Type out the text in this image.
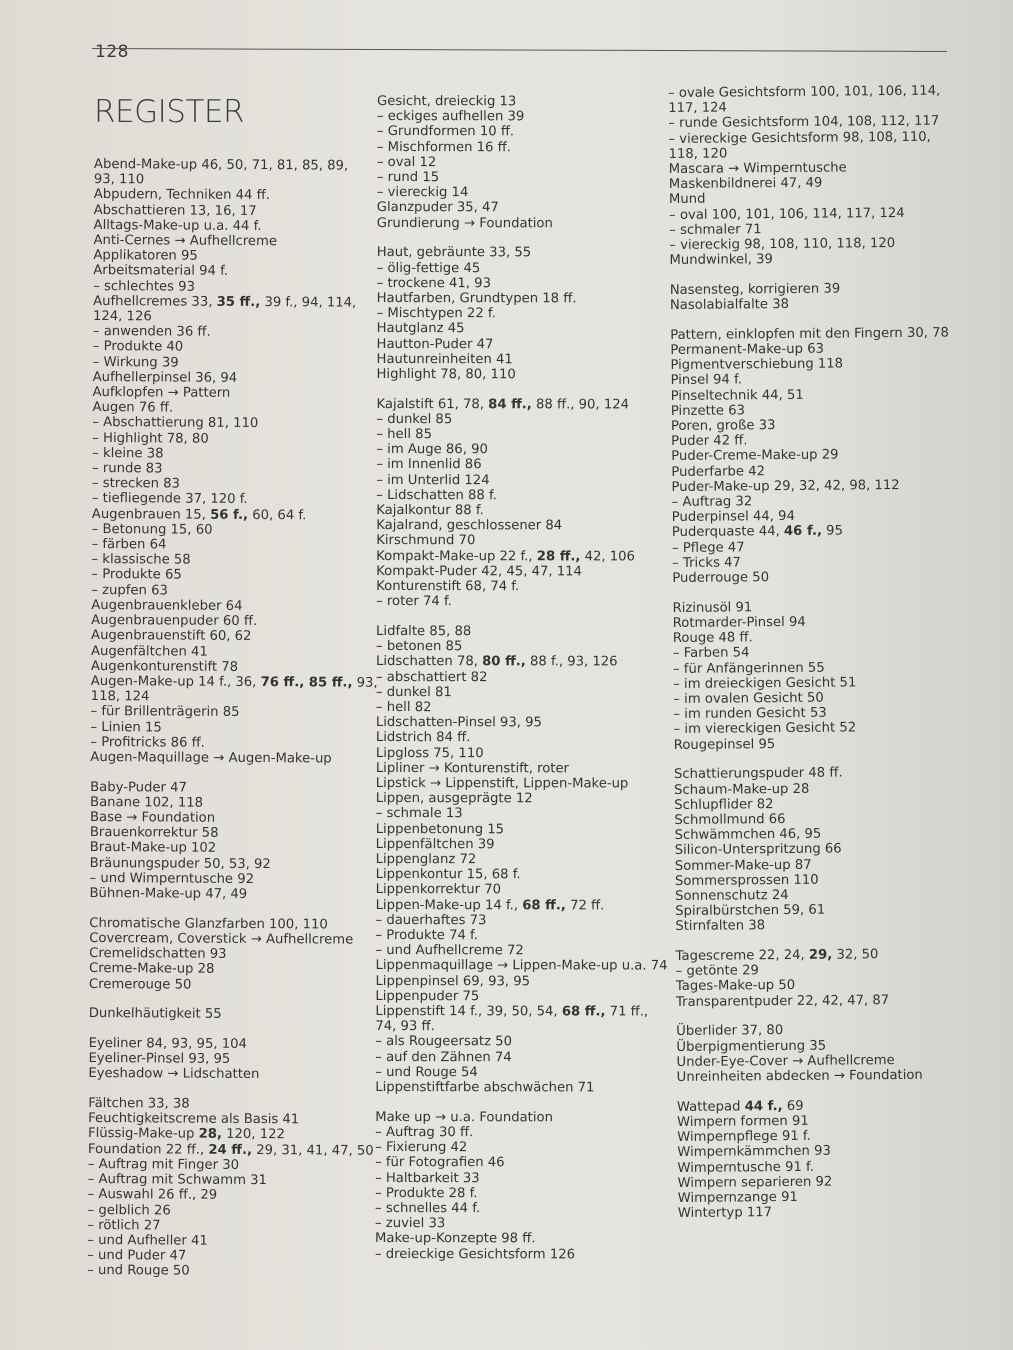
128
REGISTER
Abend-Make-up 46, 50, 71, 81, 85, 89,
93, 110
Abpudern, Techniken 44 ff.
Abschattieren 13, 16, 17
Alltags-Make-up u.a. 44 f.
Anti-Cernes → Aufhellcreme
Applikatoren 95
Arbeitsmaterial 94 f.
– schlechtes 93
Aufhellcremes 33, 35 ff., 39 f., 94, 114,
124, 126
– anwenden 36 ff.
– Produkte 40
– Wirkung 39
Aufhellerpinsel 36, 94
Aufklopfen → Pattern
Augen 76 ff.
– Abschattierung 81, 110
– Highlight 78, 80
– kleine 38
– runde 83
– strecken 83
– tiefliegende 37, 120 f.
Augenbrauen 15, 56 f., 60, 64 f.
– Betonung 15, 60
– färben 64
– klassische 58
– Produkte 65
– zupfen 63
Augenbrauenkleber 64
Augenbrauenpuder 60 ff.
Augenbrauenstift 60, 62
Augenfältchen 41
Augenkonturenstift 78
Augen-Make-up 14 f., 36, 76 ff., 85 ff., 93,
118, 124
– für Brillenträgerin 85
– Linien 15
– Profitricks 86 ff.
Augen-Maquillage → Augen-Make-up
Baby-Puder 47
Banane 102, 118
Base → Foundation
Brauenkorrektur 58
Braut-Make-up 102
Bräunungspuder 50, 53, 92
– und Wimperntusche 92
Bühnen-Make-up 47, 49
Chromatische Glanzfarben 100, 110
Covercream, Coverstick → Aufhellcreme
Cremelidschatten 93
Creme-Make-up 28
Cremerouge 50
Dunkelhäutigkeit 55
Eyeliner 84, 93, 95, 104
Eyeliner-Pinsel 93, 95
Eyeshadow → Lidschatten
Fältchen 33, 38
Feuchtigkeitscreme als Basis 41
Flüssig-Make-up 28, 120, 122
Foundation 22 ff., 24 ff., 29, 31, 41, 47, 50
– Auftrag mit Finger 30
– Auftrag mit Schwamm 31
– Auswahl 26 ff., 29
– gelblich 26
– rötlich 27
– und Aufheller 41
– und Puder 47
– und Rouge 50
Gesicht, dreieckig 13
– eckiges aufhellen 39
– Grundformen 10 ff.
– Mischformen 16 ff.
– oval 12
– rund 15
– viereckig 14
Glanzpuder 35, 47
Grundierung → Foundation
Haut, gebräunte 33, 55
– ölig-fettige 45
– trockene 41, 93
Hautfarben, Grundtypen 18 ff.
– Mischtypen 22 f.
Hautglanz 45
Hautton-Puder 47
Hautunreinheiten 41
Highlight 78, 80, 110
Kajalstift 61, 78, 84 ff., 88 ff., 90, 124
– dunkel 85
– hell 85
– im Auge 86, 90
– im Innenlid 86
– im Unterlid 124
– Lidschatten 88 f.
Kajalkontur 88 f.
Kajalrand, geschlossener 84
Kirschmund 70
Kompakt-Make-up 22 f., 28 ff., 42, 106
Kompakt-Puder 42, 45, 47, 114
Konturenstift 68, 74 f.
– roter 74 f.
Lidfalte 85, 88
– betonen 85
Lidschatten 78, 80 ff., 88 f., 93, 126
– abschattiert 82
– dunkel 81
– hell 82
Lidschatten-Pinsel 93, 95
Lidstrich 84 ff.
Lipgloss 75, 110
Lipliner → Konturenstift, roter
Lipstick → Lippenstift, Lippen-Make-up
Lippen, ausgeprägte 12
– schmale 13
Lippenbetonung 15
Lippenfältchen 39
Lippenglanz 72
Lippenkontur 15, 68 f.
Lippenkorrektur 70
Lippen-Make-up 14 f., 68 ff., 72 ff.
– dauerhaftes 73
– Produkte 74 f.
– und Aufhellcreme 72
Lippenmaquillage → Lippen-Make-up u.a. 74
Lippenpinsel 69, 93, 95
Lippenpuder 75
Lippenstift 14 f., 39, 50, 54, 68 ff., 71 ff.,
74, 93 ff.
– als Rougeersatz 50
– auf den Zähnen 74
– und Rouge 54
Lippenstiftfarbe abschwächen 71
Make up → u.a. Foundation
– Auftrag 30 ff.
– Fixierung 42
– für Fotografien 46
– Haltbarkeit 33
– Produkte 28 f.
– schnelles 44 f.
– zuviel 33
Make-up-Konzepte 98 ff.
– dreieckige Gesichtsform 126
– ovale Gesichtsform 100, 101, 106, 114,
117, 124
– runde Gesichtsform 104, 108, 112, 117
– viereckige Gesichtsform 98, 108, 110,
118, 120
Mascara → Wimperntusche
Maskenbildnerei 47, 49
Mund
– oval 100, 101, 106, 114, 117, 124
– schmaler 71
– viereckig 98, 108, 110, 118, 120
Mundwinkel, 39
Nasensteg, korrigieren 39
Nasolabialfalte 38
Pattern, einklopfen mit den Fingern 30, 78
Permanent-Make-up 63
Pigmentverschiebung 118
Pinsel 94 f.
Pinseltechnik 44, 51
Pinzette 63
Poren, große 33
Puder 42 ff.
Puder-Creme-Make-up 29
Puderfarbe 42
Puder-Make-up 29, 32, 42, 98, 112
– Auftrag 32
Puderpinsel 44, 94
Puderquaste 44, 46 f., 95
– Pflege 47
– Tricks 47
Puderrouge 50
Rizinusöl 91
Rotmarder-Pinsel 94
Rouge 48 ff.
– Farben 54
– für Anfängerinnen 55
– im dreieckigen Gesicht 51
– im ovalen Gesicht 50
– im runden Gesicht 53
– im viereckigen Gesicht 52
Rougepinsel 95
Schattierungspuder 48 ff.
Schaum-Make-up 28
Schlupflider 82
Schmollmund 66
Schwämmchen 46, 95
Silicon-Unterspritzung 66
Sommer-Make-up 87
Sommersprossen 110
Sonnenschutz 24
Spiralbürstchen 59, 61
Stirnfalten 38
Tagescreme 22, 24, 29, 32, 50
– getönte 29
Tages-Make-up 50
Transparentpuder 22, 42, 47, 87
Überlider 37, 80
Überpigmentierung 35
Under-Eye-Cover → Aufhellcreme
Unreinheiten abdecken → Foundation
Wattepad 44 f., 69
Wimpern formen 91
Wimpernpflege 91 f.
Wimpernkämmchen 93
Wimperntusche 91 f.
Wimpern separieren 92
Wimpernzange 91
Wintertyp 117
